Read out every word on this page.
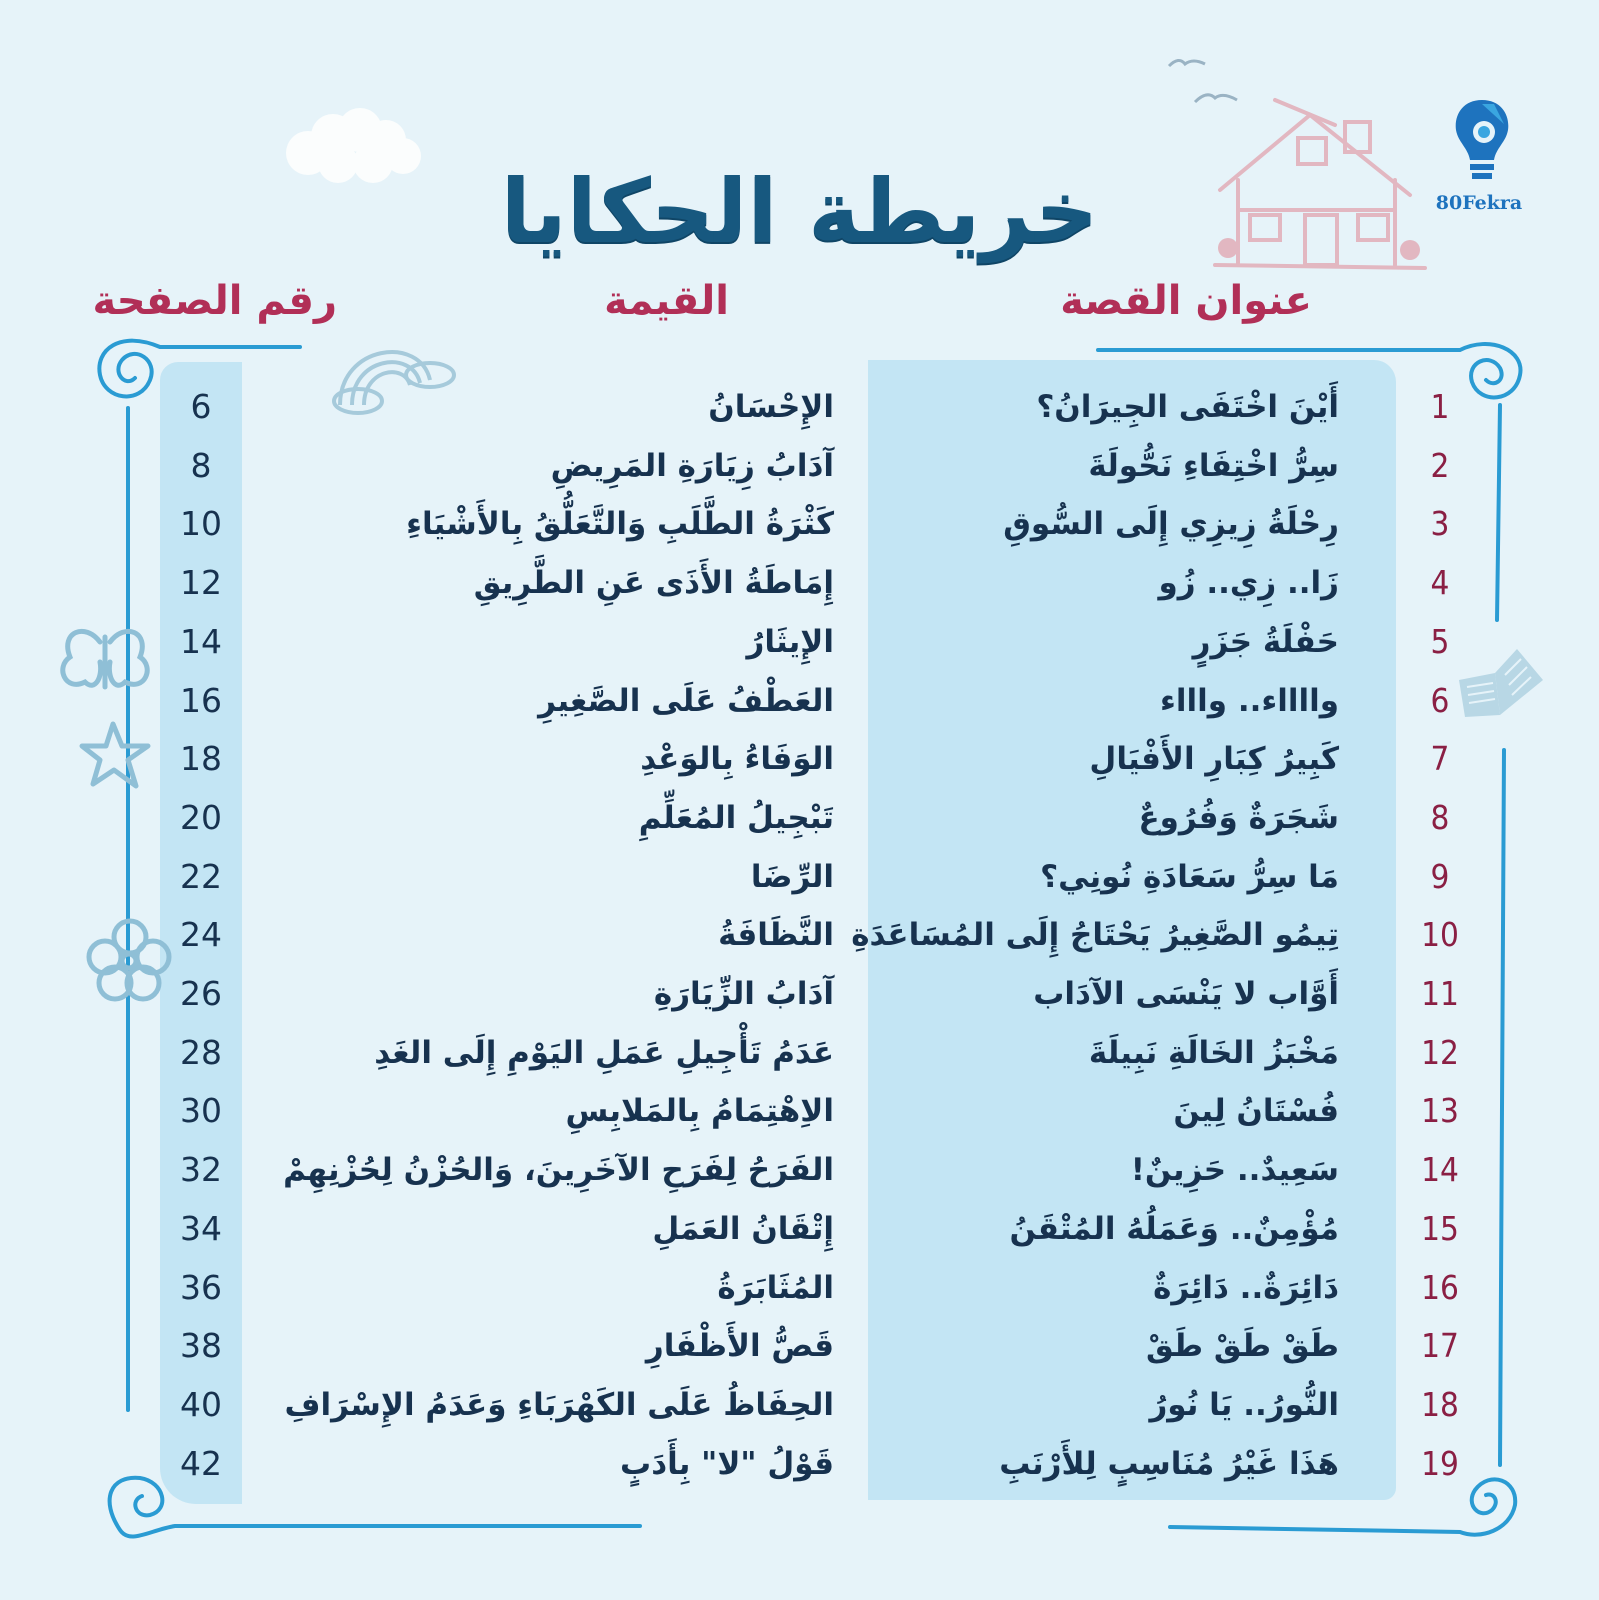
80Fekra
خريطة الحكايا
عنوان القصة
القيمة
رقم الصفحة
1
أَيْنَ اخْتَفَى الجِيرَانُ؟
الإِحْسَانُ
6
2
سِرُّ اخْتِفَاءِ نَحُّولَةَ
آدَابُ زِيَارَةِ المَرِيضِ
8
3
رِحْلَةُ زِيزِي إِلَى السُّوقِ
كَثْرَةُ الطَّلَبِ وَالتَّعَلُّقُ بِالأَشْيَاءِ
10
4
زَا.. زِي.. زُو
إِمَاطَةُ الأَذَى عَنِ الطَّرِيقِ
12
5
حَفْلَةُ جَزَرٍ
الإِيثَارُ
14
6
وااااء.. واااء
العَطْفُ عَلَى الصَّغِيرِ
16
7
كَبِيرُ كِبَارِ الأَفْيَالِ
الوَفَاءُ بِالوَعْدِ
18
8
شَجَرَةٌ وَفُرُوعٌ
تَبْجِيلُ المُعَلِّمِ
20
9
مَا سِرُّ سَعَادَةِ نُونِي؟
الرِّضَا
22
10
تِيمُو الصَّغِيرُ يَحْتَاجُ إِلَى المُسَاعَدَةِ
النَّظَافَةُ
24
11
أَوَّاب لا يَنْسَى الآدَاب
آدَابُ الزِّيَارَةِ
26
12
مَخْبَزُ الخَالَةِ نَبِيلَةَ
عَدَمُ تَأْجِيلِ عَمَلِ اليَوْمِ إِلَى الغَدِ
28
13
فُسْتَانُ لِينَ
الاِهْتِمَامُ بِالمَلابِسِ
30
14
سَعِيدٌ.. حَزِينٌ!
الفَرَحُ لِفَرَحِ الآخَرِينَ، وَالحُزْنُ لِحُزْنِهِمْ
32
15
مُؤْمِنٌ.. وَعَمَلُهُ المُتْقَنُ
إِتْقَانُ العَمَلِ
34
16
دَائِرَةٌ.. دَائِرَةٌ
المُثَابَرَةُ
36
17
طَقْ طَقْ طَقْ
قَصُّ الأَظْفَارِ
38
18
النُّورُ.. يَا نُورُ
الحِفَاظُ عَلَى الكَهْرَبَاءِ وَعَدَمُ الإِسْرَافِ
40
19
هَذَا غَيْرُ مُنَاسِبٍ لِلأَرْنَبِ
قَوْلُ "لا" بِأَدَبٍ
42
